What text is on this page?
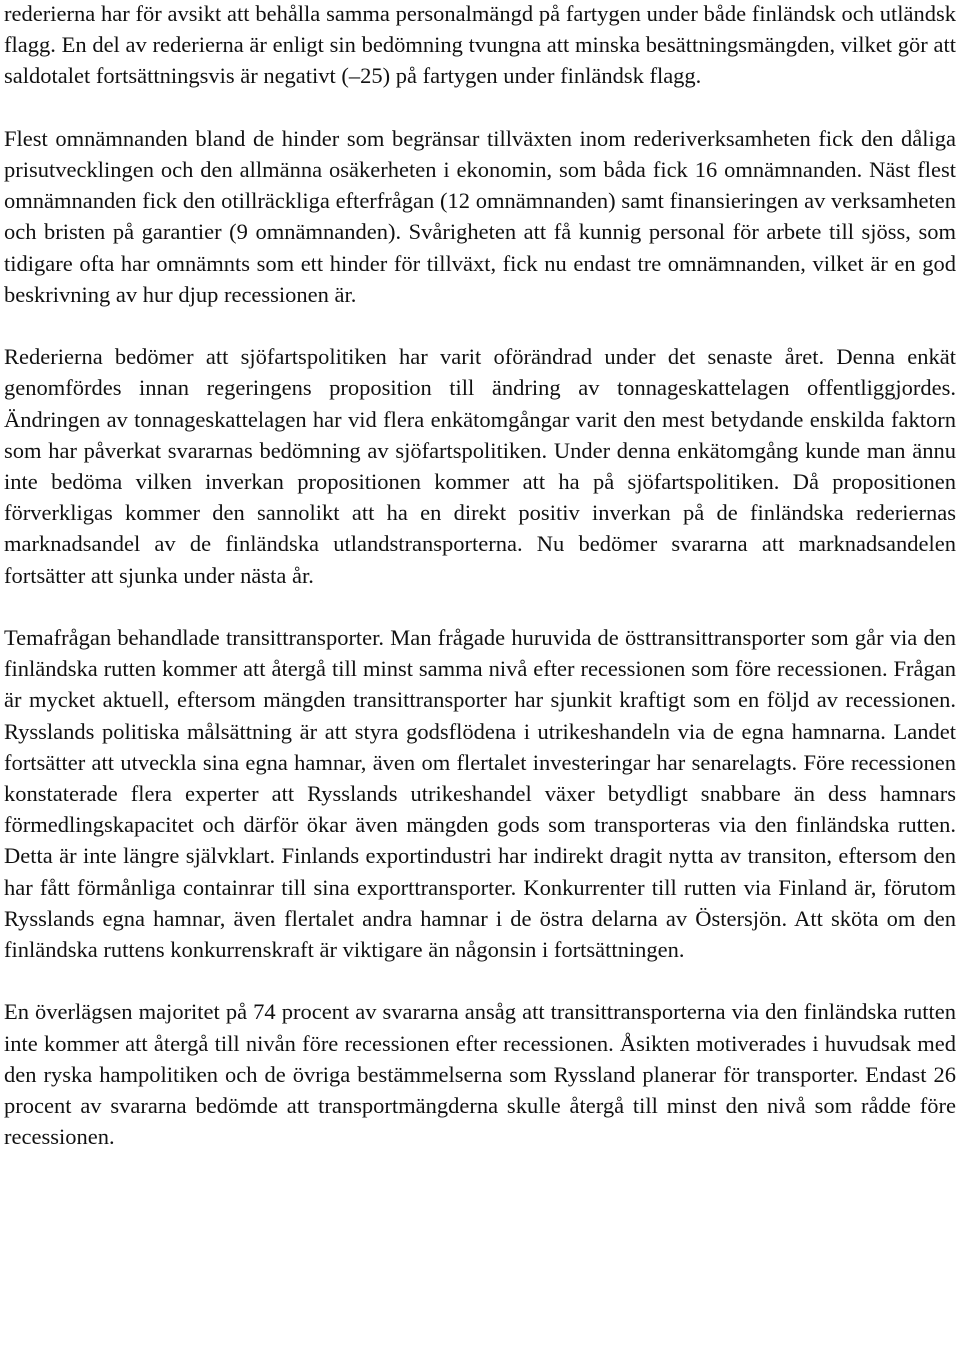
rederierna har för avsikt att behålla samma personalmängd på fartygen under både finländsk och utländsk flagg. En del av rederierna är enligt sin bedömning tvungna att minska besättningsmängden, vilket gör att saldotalet fortsättningsvis är negativt (–25) på fartygen under finländsk flagg.

Flest omnämnanden bland de hinder som begränsar tillväxten inom rederiverksamheten fick den dåliga prisutvecklingen och den allmänna osäkerheten i ekonomin, som båda fick 16 omnämnanden. Näst flest omnämnanden fick den otillräckliga efterfrågan (12 omnämnanden) samt finansieringen av verksamheten och bristen på garantier (9 omnämnanden). Svårigheten att få kunnig personal för arbete till sjöss, som tidigare ofta har omnämnts som ett hinder för tillväxt, fick nu endast tre omnämnanden, vilket är en god beskrivning av hur djup recessionen är.

Rederierna bedömer att sjöfartspolitiken har varit oförändrad under det senaste året. Denna enkät genomfördes innan regeringens proposition till ändring av tonnageskattelagen offentliggjordes. Ändringen av tonnageskattelagen har vid flera enkätomgångar varit den mest betydande enskilda faktorn som har påverkat svararnas bedömning av sjöfartspolitiken. Under denna enkätomgång kunde man ännu inte bedöma vilken inverkan propositionen kommer att ha på sjöfartspolitiken. Då propositionen förverkligas kommer den sannolikt att ha en direkt positiv inverkan på de finländska rederiernas marknadsandel av de finländska utlandstransporterna. Nu bedömer svararna att marknadsandelen fortsätter att sjunka under nästa år.

Temafrågan behandlade transittransporter. Man frågade huruvida de östtransittransporter som går via den finländska rutten kommer att återgå till minst samma nivå efter recessionen som före recessionen. Frågan är mycket aktuell, eftersom mängden transittransporter har sjunkit kraftigt som en följd av recessionen. Rysslands politiska målsättning är att styra godsflödena i utrikeshandeln via de egna hamnarna. Landet fortsätter att utveckla sina egna hamnar, även om flertalet investeringar har senarelagts. Före recessionen konstaterade flera experter att Rysslands utrikeshandel växer betydligt snabbare än dess hamnars förmedlingskapacitet och därför ökar även mängden gods som transporteras via den finländska rutten. Detta är inte längre självklart. Finlands exportindustri har indirekt dragit nytta av transiton, eftersom den har fått förmånliga containrar till sina exporttransporter. Konkurrenter till rutten via Finland är, förutom Rysslands egna hamnar, även flertalet andra hamnar i de östra delarna av Östersjön. Att sköta om den finländska ruttens konkurrenskraft är viktigare än någonsin i fortsättningen.

En överlägsen majoritet på 74 procent av svararna ansåg att transittransporterna via den finländska rutten inte kommer att återgå till nivån före recessionen efter recessionen. Åsikten motiverades i huvudsak med den ryska hampolitiken och de övriga bestämmelserna som Ryssland planerar för transporter. Endast 26 procent av svararna bedömde att transportmängderna skulle återgå till minst den nivå som rådde före recessionen.
